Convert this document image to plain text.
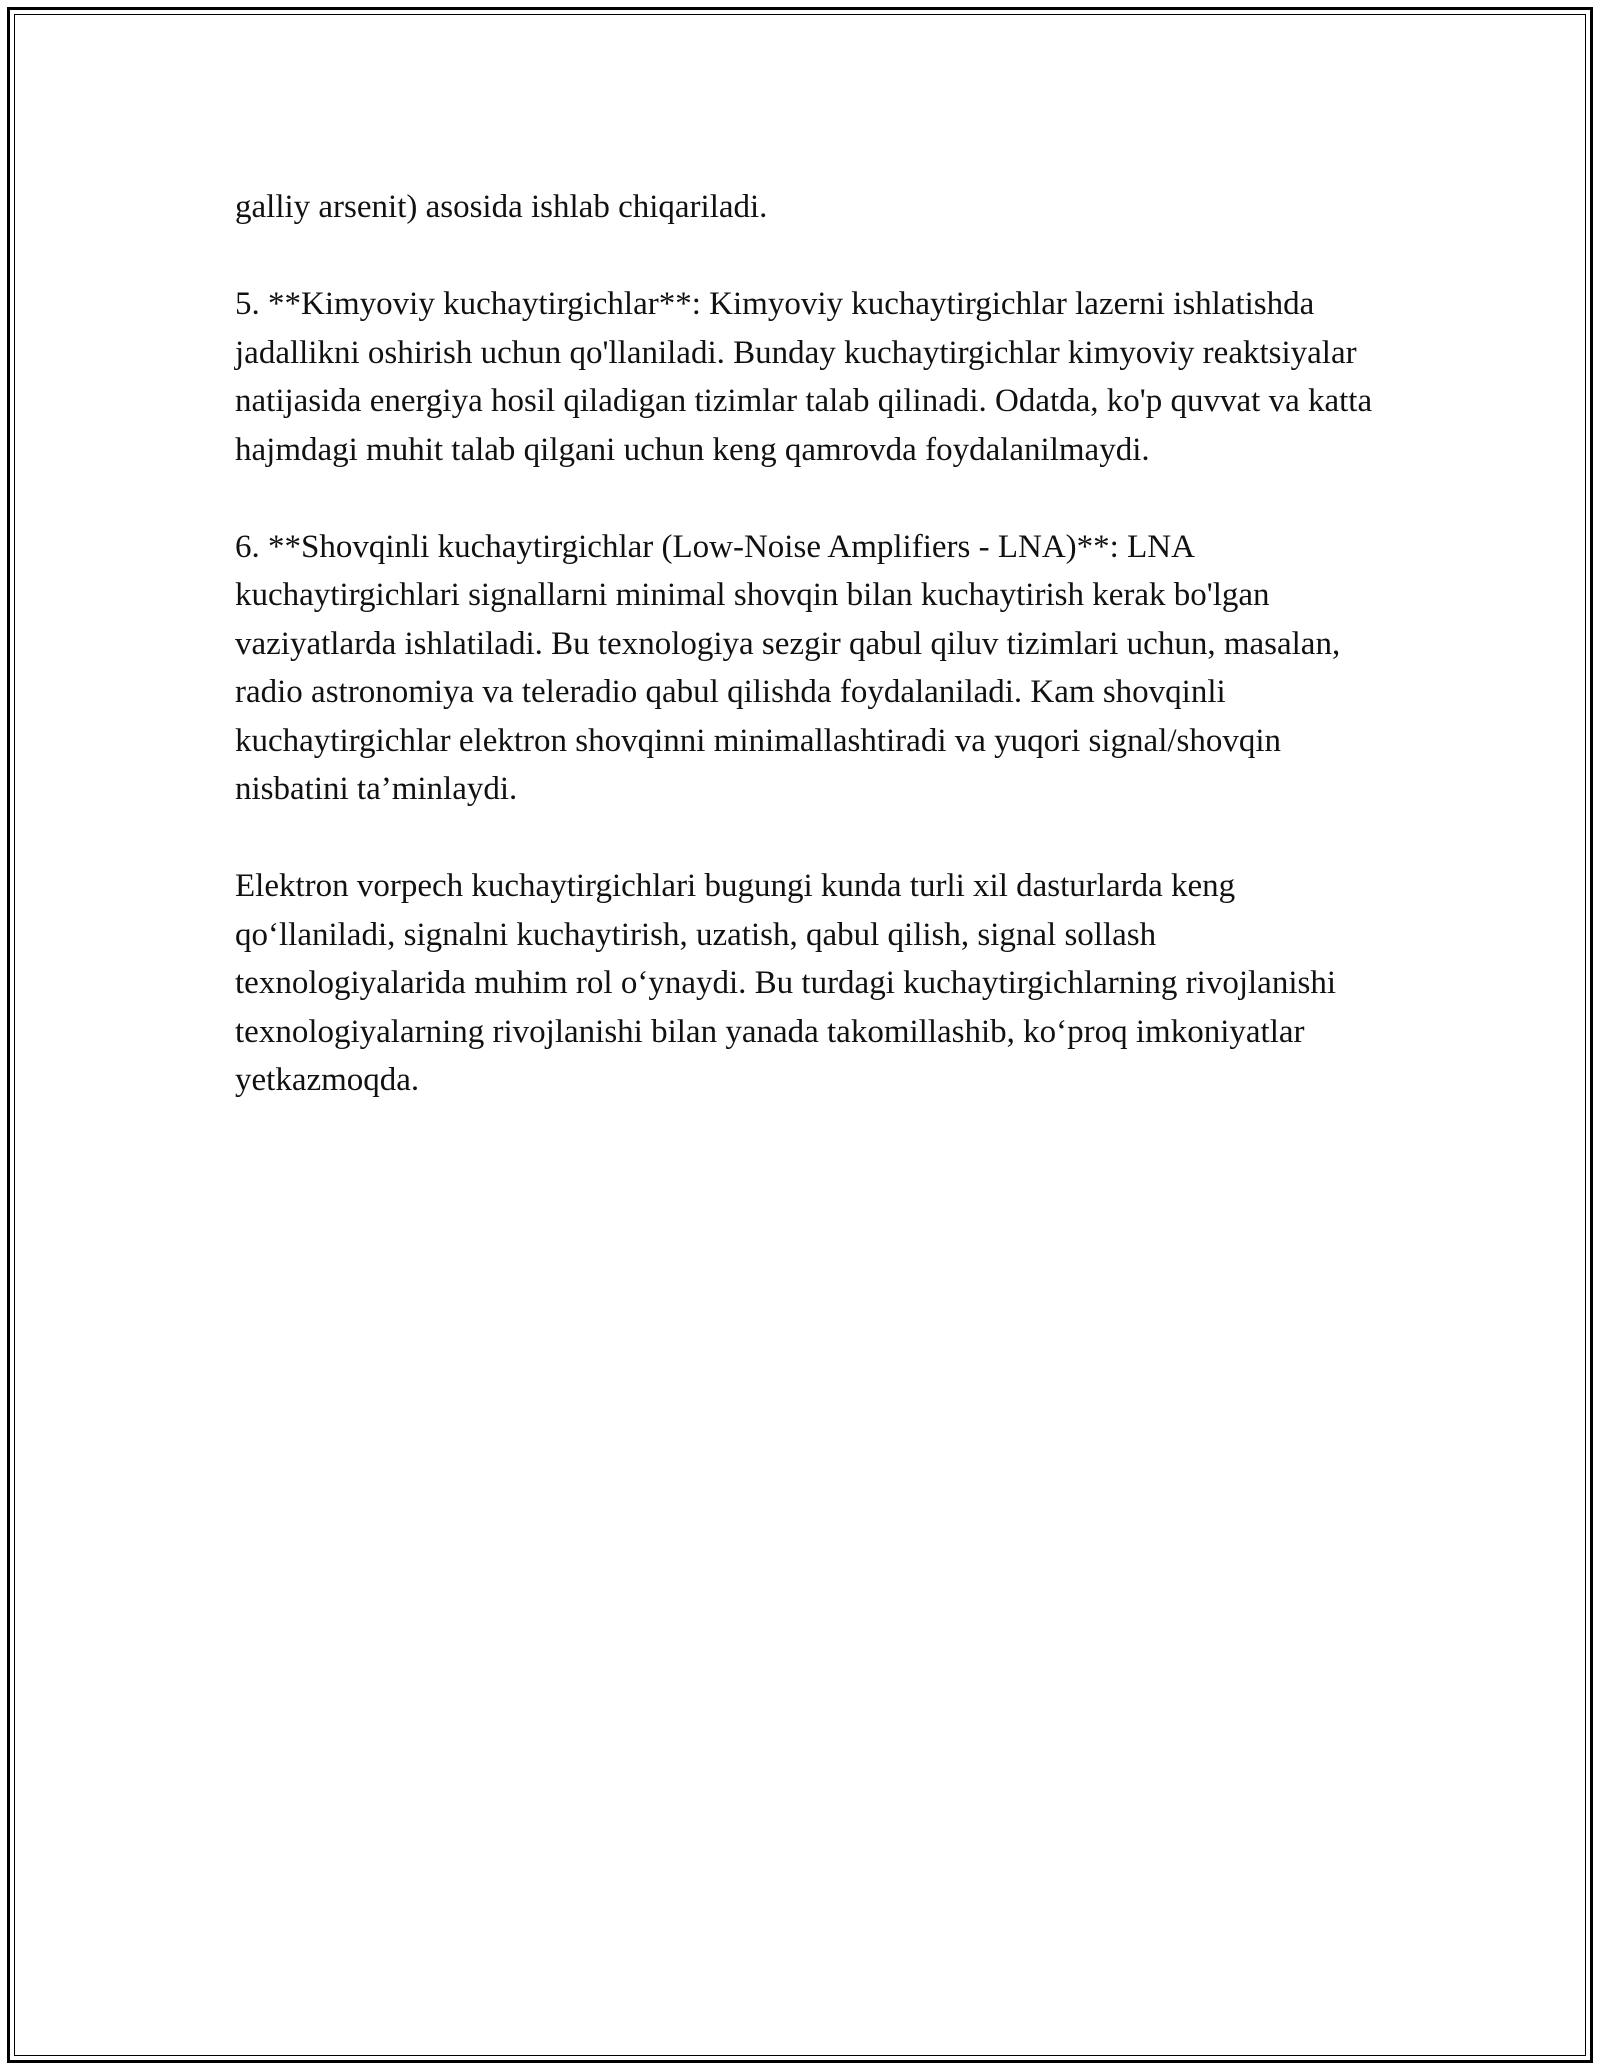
galliy arsenit) asosida ishlab chiqariladi.

5. **Kimyoviy kuchaytirgichlar**: Kimyoviy kuchaytirgichlar lazerni ishlatishda jadallikni oshirish uchun qo'llaniladi. Bunday kuchaytirgichlar kimyoviy reaktsiyalar natijasida energiya hosil qiladigan tizimlar talab qilinadi. Odatda, ko'p quvvat va katta hajmdagi muhit talab qilgani uchun keng qamrovda foydalanilmaydi.

6. **Shovqinli kuchaytirgichlar (Low-Noise Amplifiers - LNA)**: LNA kuchaytirgichlari signallarni minimal shovqin bilan kuchaytirish kerak bo'lgan vaziyatlarda ishlatiladi. Bu texnologiya sezgir qabul qiluv tizimlari uchun, masalan, radio astronomiya va teleradio qabul qilishda foydalaniladi. Kam shovqinli kuchaytirgichlar elektron shovqinni minimallashtiradi va yuqori signal/shovqin nisbatini ta’minlaydi.

Elektron vorpech kuchaytirgichlari bugungi kunda turli xil dasturlarda keng qo‘llaniladi, signalni kuchaytirish, uzatish, qabul qilish, signal sollash texnologiyalarida muhim rol o‘ynaydi. Bu turdagi kuchaytirgichlarning rivojlanishi texnologiyalarning rivojlanishi bilan yanada takomillashib, ko‘proq imkoniyatlar yetkazmoqda.
